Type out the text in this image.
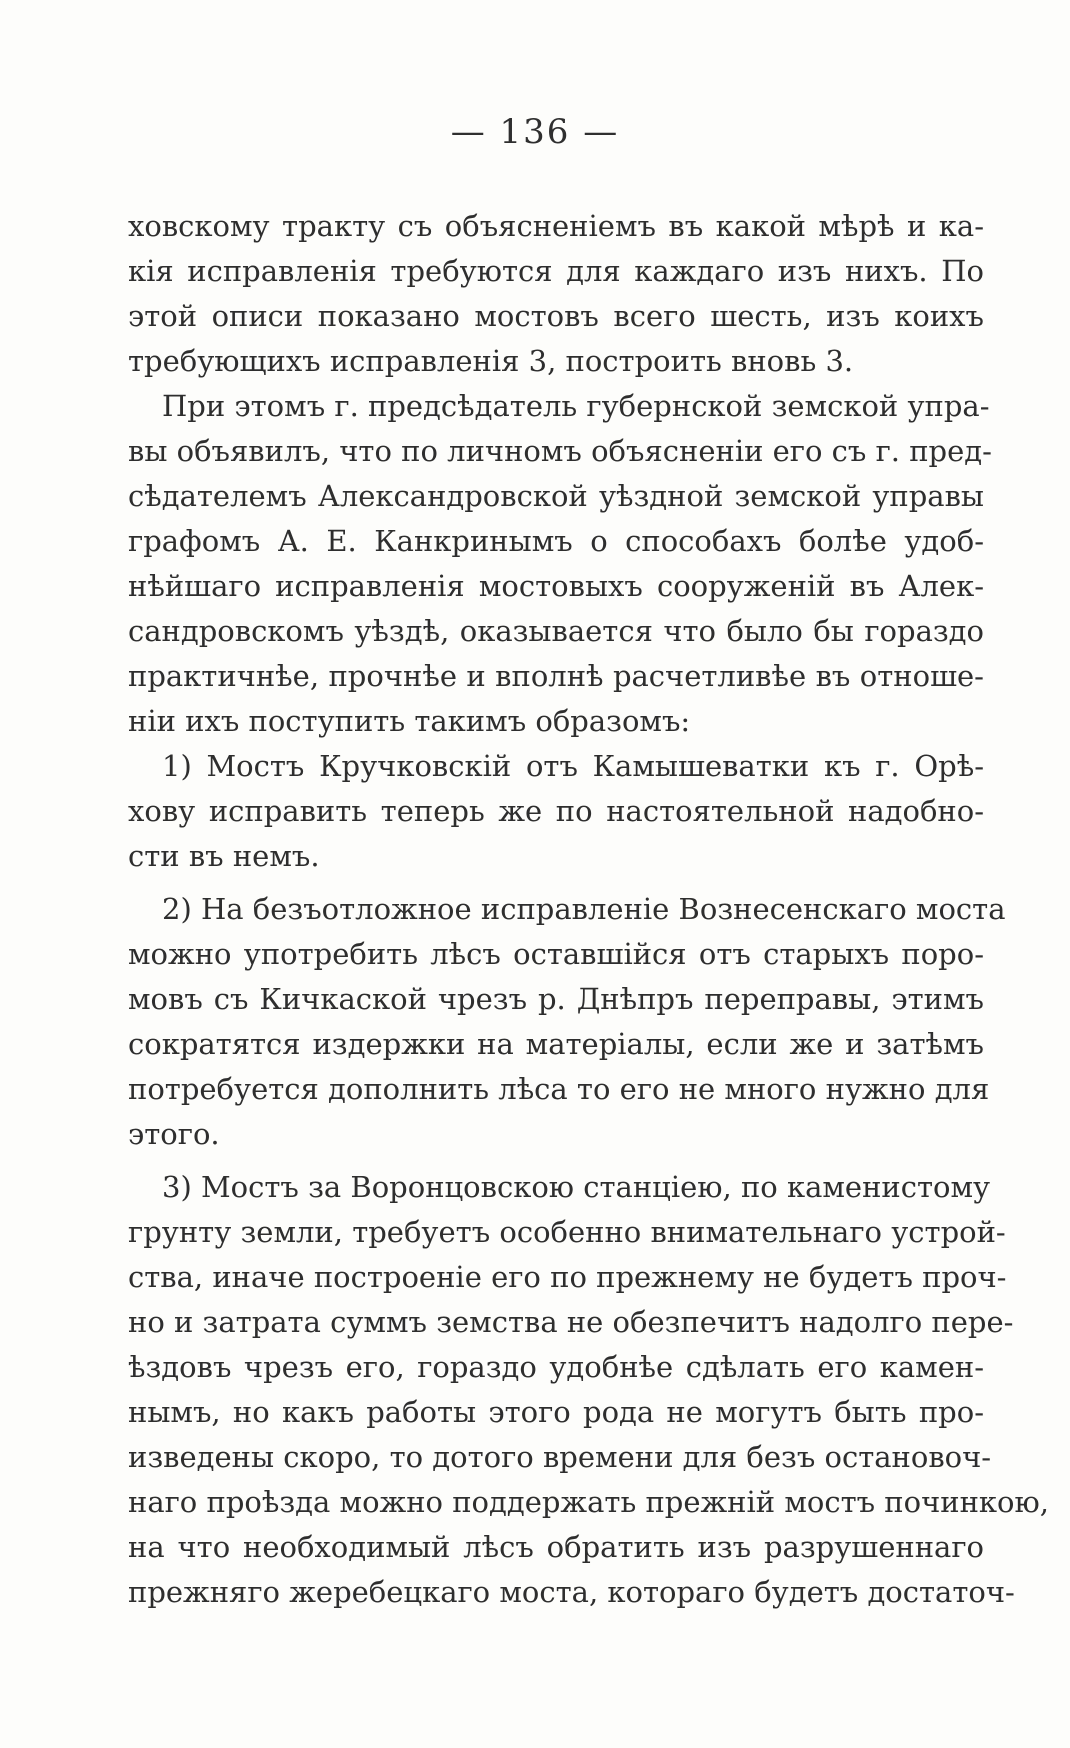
— 136 —
ховскому тракту съ объясненіемъ въ какой мѣрѣ и ка-
кія исправленія требуются для каждаго изъ нихъ. По
этой описи показано мостовъ всего шесть, изъ коихъ
требующихъ исправленія 3, построить вновь 3.
При этомъ г. предсѣдатель губернской земской упра-
вы объявилъ, что по личномъ объясненіи его съ г. пред-
сѣдателемъ Александровской уѣздной земской управы
графомъ А. Е. Канкринымъ о способахъ болѣе удоб-
нѣйшаго исправленія мостовыхъ сооруженій въ Алек-
сандровскомъ уѣздѣ, оказывается что было бы гораздо
практичнѣе, прочнѣе и вполнѣ расчетливѣе въ отноше-
ніи ихъ поступить такимъ образомъ:
1) Мостъ Кручковскій отъ Камышеватки къ г. Орѣ-
хову исправить теперь же по настоятельной надобно-
сти въ немъ.
2) На безъотложное исправленіе Вознесенскаго моста
можно употребить лѣсъ оставшійся отъ старыхъ поро-
мовъ съ Кичкаской чрезъ р. Днѣпръ переправы, этимъ
сократятся издержки на матеріалы, если же и затѣмъ
потребуется дополнить лѣса то его не много нужно для
этого.
3) Мостъ за Воронцовскою станціею, по каменистому
грунту земли, требуетъ особенно внимательнаго устрой-
ства, иначе построеніе его по прежнему не будетъ проч-
но и затрата суммъ земства не обезпечитъ надолго пере-
ѣздовъ чрезъ его, гораздо удобнѣе сдѣлать его камен-
нымъ, но какъ работы этого рода не могутъ быть про-
изведены скоро, то дотого времени для безъ остановоч-
наго проѣзда можно поддержать прежній мостъ починкою,
на что необходимый лѣсъ обратить изъ разрушеннаго
прежняго жеребецкаго моста, котораго будетъ достаточ-
